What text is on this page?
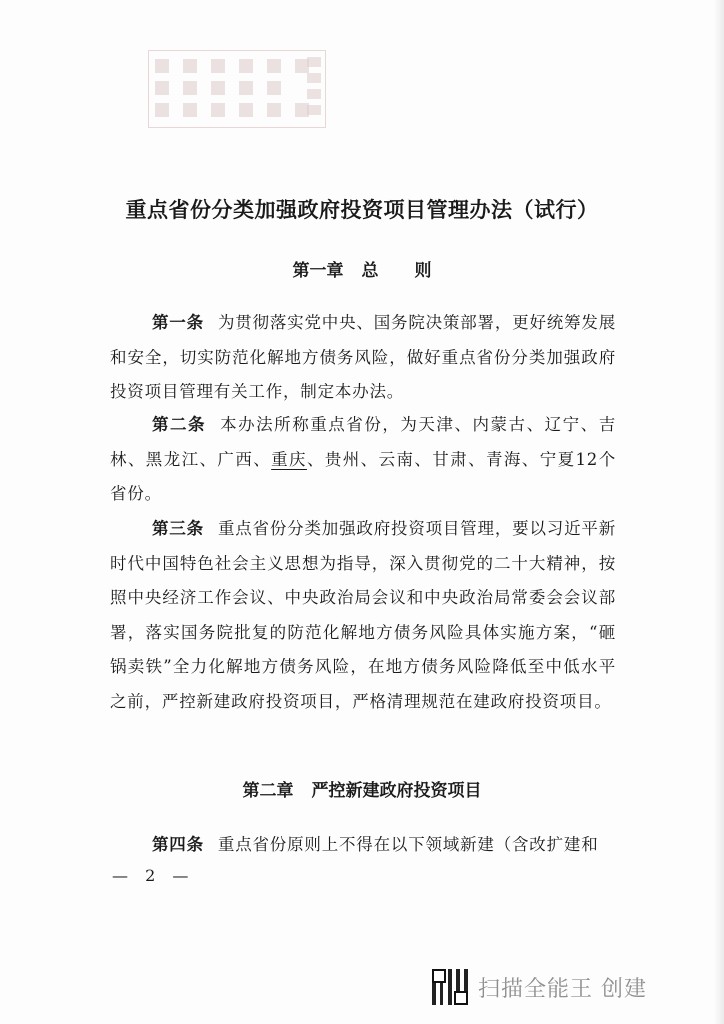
重点省份分类加强政府投资项目管理办法（试行）
第一章 总 则

第一条 为贯彻落实党中央、国务院决策部署，更好统筹发展和安全，切实防范化解地方债务风险，做好重点省份分类加强政府投资项目管理有关工作，制定本办法。

第二条 本办法所称重点省份，为天津、内蒙古、辽宁、吉林、黑龙江、广西、重庆、贵州、云南、甘肃、青海、宁夏12个省份。

第三条 重点省份分类加强政府投资项目管理，要以习近平新时代中国特色社会主义思想为指导，深入贯彻党的二十大精神，按照中央经济工作会议、中央政治局会议和中央政治局常委会会议部署，落实国务院批复的防范化解地方债务风险具体实施方案，“砸锅卖铁”全力化解地方债务风险，在地方债务风险降低至中低水平之前，严控新建政府投资项目，严格清理规范在建政府投资项目。

第二章 严控新建政府投资项目

第四条 重点省份原则上不得在以下领域新建（含改扩建和

— 2 —
扫描全能王 创建
